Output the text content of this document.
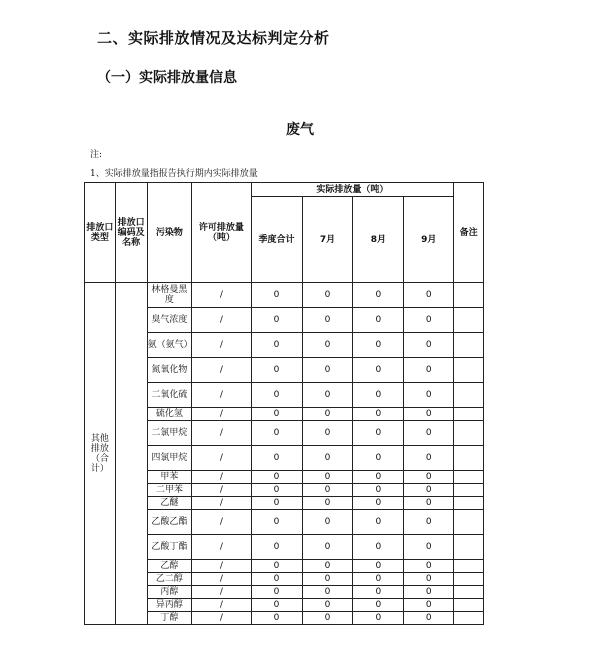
二、实际排放情况及达标判定分析
（一）实际排放量信息
废气
注:
1、实际排放量指报告执行期内实际排放量
排放口类型	排放口编码及名称	污染物	许可排放量（吨）	实际排放量（吨）				备注
				季度合计	7月	8月	9月	
其他排放（合计）		林格曼黑度	/	0	0	0	0	
		臭气浓度	/	0	0	0	0	
		氨（氨气）	/	0	0	0	0	
		氮氧化物	/	0	0	0	0	
		二氧化硫	/	0	0	0	0	
		硫化氢	/	0	0	0	0	
		二氯甲烷	/	0	0	0	0	
		四氯甲烷	/	0	0	0	0	
		甲苯	/	0	0	0	0	
		二甲苯	/	0	0	0	0	
		乙醚	/	0	0	0	0	
		乙酸乙酯	/	0	0	0	0	
		乙酸丁酯	/	0	0	0	0	
		乙醇	/	0	0	0	0	
		乙二醇	/	0	0	0	0	
		丙醇	/	0	0	0	0	
		异丙醇	/	0	0	0	0	
		丁醇	/	0	0	0	0	
